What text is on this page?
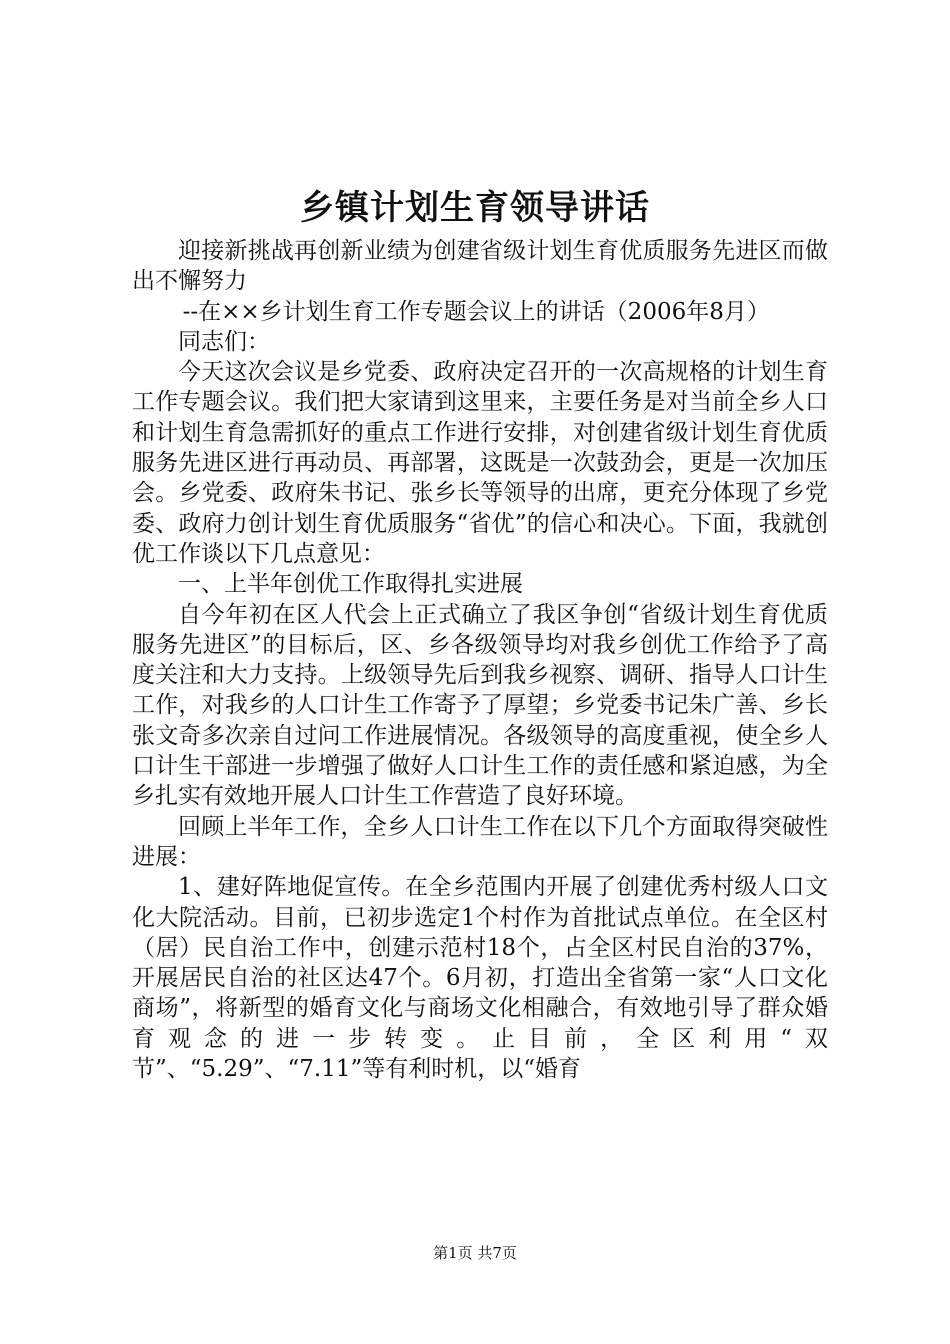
乡镇计划生育领导讲话

迎接新挑战再创新业绩为创建省级计划生育优质服务先进区而做出不懈努力

--在××乡计划生育工作专题会议上的讲话（2006年8月）

同志们：

今天这次会议是乡党委、政府决定召开的一次高规格的计划生育工作专题会议。我们把大家请到这里来，主要任务是对当前全乡人口和计划生育急需抓好的重点工作进行安排，对创建省级计划生育优质服务先进区进行再动员、再部署，这既是一次鼓劲会，更是一次加压会。乡党委、政府朱书记、张乡长等领导的出席，更充分体现了乡党委、政府力创计划生育优质服务“省优”的信心和决心。下面，我就创优工作谈以下几点意见：

一、上半年创优工作取得扎实进展

自今年初在区人代会上正式确立了我区争创“省级计划生育优质服务先进区”的目标后，区、乡各级领导均对我乡创优工作给予了高度关注和大力支持。上级领导先后到我乡视察、调研、指导人口计生工作，对我乡的人口计生工作寄予了厚望；乡党委书记朱广善、乡长张文奇多次亲自过问工作进展情况。各级领导的高度重视，使全乡人口计生干部进一步增强了做好人口计生工作的责任感和紧迫感，为全乡扎实有效地开展人口计生工作营造了良好环境。

回顾上半年工作，全乡人口计生工作在以下几个方面取得突破性进展：

1、建好阵地促宣传。在全乡范围内开展了创建优秀村级人口文化大院活动。目前，已初步选定1个村作为首批试点单位。在全区村（居）民自治工作中，创建示范村18个，占全区村民自治的37%，开展居民自治的社区达47个。6月初，打造出全省第一家“人口文化商场”，将新型的婚育文化与商场文化相融合，有效地引导了群众婚育观念的进一步转变。止目前，全区利用“双节”、“5.29”、“7.11”等有利时机，以“婚育

第1页 共7页
